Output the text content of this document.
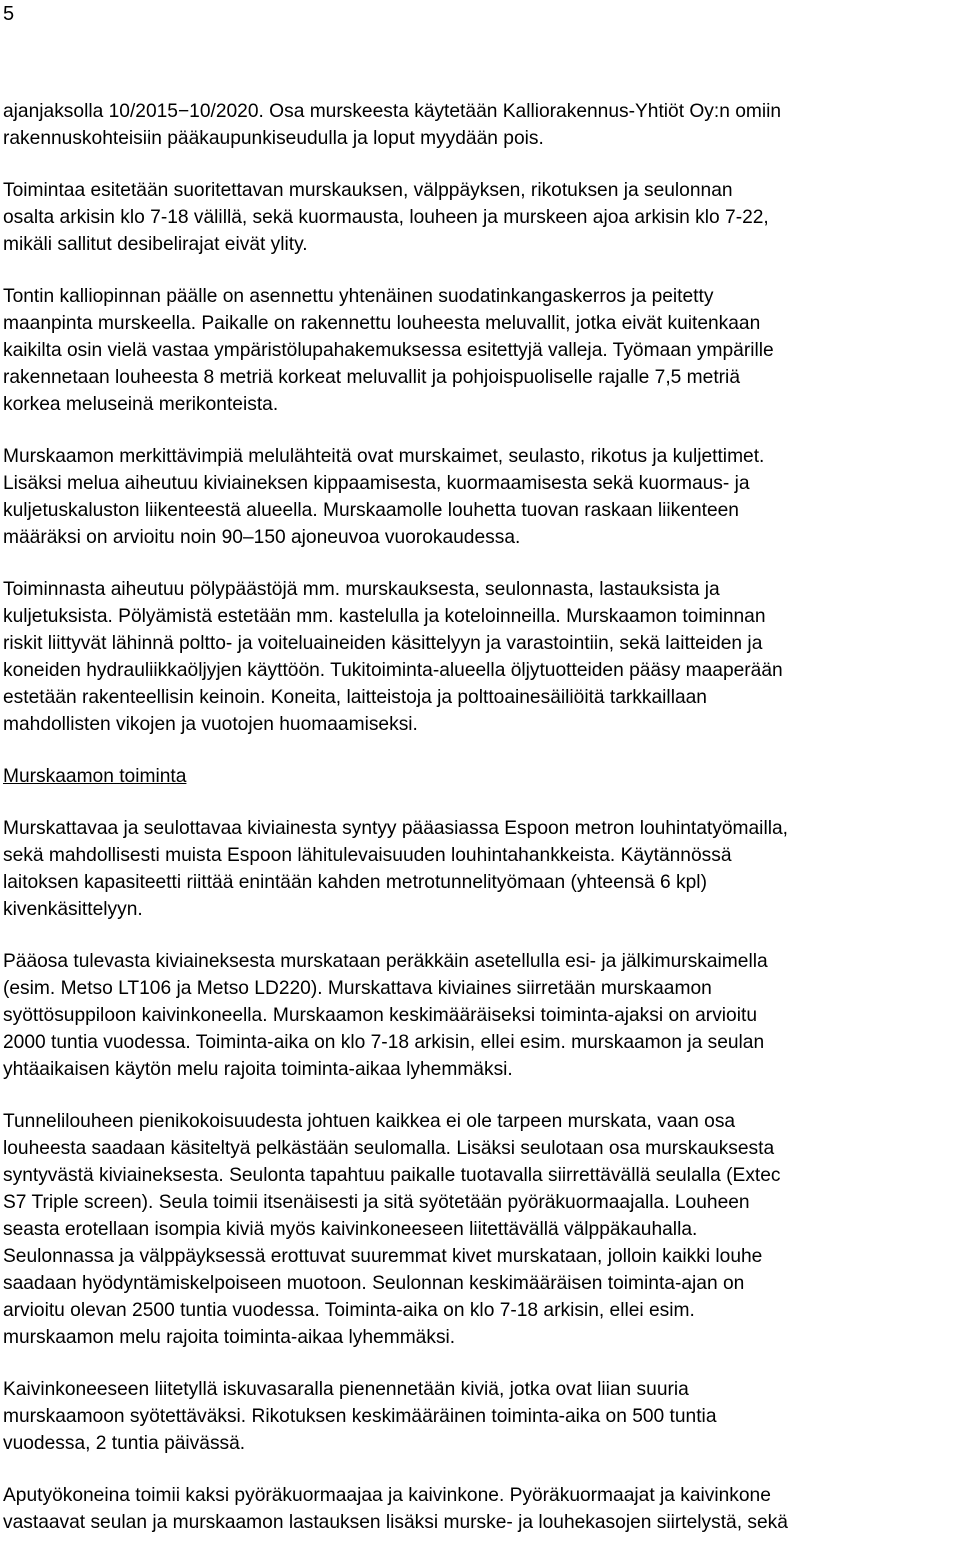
5

ajanjaksolla 10/2015−10/2020. Osa murskeesta käytetään Kalliorakennus-Yhtiöt Oy:n omiin
rakennuskohteisiin pääkaupunkiseudulla ja loput myydään pois.

Toimintaa esitetään suoritettavan murskauksen, välppäyksen, rikotuksen ja seulonnan
osalta arkisin klo 7-18 välillä, sekä kuormausta, louheen ja murskeen ajoa arkisin klo 7-22,
mikäli sallitut desibelirajat eivät ylity.

Tontin kalliopinnan päälle on asennettu yhtenäinen suodatinkangaskerros ja peitetty
maanpinta murskeella. Paikalle on rakennettu louheesta meluvallit, jotka eivät kuitenkaan
kaikilta osin vielä vastaa ympäristölupahakemuksessa esitettyjä valleja. Työmaan ympärille
rakennetaan louheesta 8 metriä korkeat meluvallit ja pohjoispuoliselle rajalle 7,5 metriä
korkea meluseinä merikonteista.

Murskaamon merkittävimpiä melulähteitä ovat murskaimet, seulasto, rikotus ja kuljettimet.
Lisäksi melua aiheutuu kiviaineksen kippaamisesta, kuormaamisesta sekä kuormaus- ja
kuljetuskaluston liikenteestä alueella. Murskaamolle louhetta tuovan raskaan liikenteen
määräksi on arvioitu noin 90–150 ajoneuvoa vuorokaudessa.

Toiminnasta aiheutuu pölypäästöjä mm. murskauksesta, seulonnasta, lastauksista ja
kuljetuksista. Pölyämistä estetään mm. kastelulla ja koteloinneilla. Murskaamon toiminnan
riskit liittyvät lähinnä poltto- ja voiteluaineiden käsittelyyn ja varastointiin, sekä laitteiden ja
koneiden hydrauliikkaöljyjen käyttöön. Tukitoiminta-alueella öljytuotteiden pääsy maaperään
estetään rakenteellisin keinoin. Koneita, laitteistoja ja polttoainesäiliöitä tarkkaillaan
mahdollisten vikojen ja vuotojen huomaamiseksi.

Murskaamon toiminta

Murskattavaa ja seulottavaa kiviainesta syntyy pääasiassa Espoon metron louhintatyömailla,
sekä mahdollisesti muista Espoon lähitulevaisuuden louhintahankkeista. Käytännössä
laitoksen kapasiteetti riittää enintään kahden metrotunnelityömaan (yhteensä 6 kpl)
kivenkäsittelyyn.

Pääosa tulevasta kiviaineksesta murskataan peräkkäin asetellulla esi- ja jälkimurskaimella
(esim. Metso LT106 ja Metso LD220). Murskattava kiviaines siirretään murskaamon
syöttösuppiloon kaivinkoneella. Murskaamon keskimääräiseksi toiminta-ajaksi on arvioitu
2000 tuntia vuodessa. Toiminta-aika on klo 7-18 arkisin, ellei esim. murskaamon ja seulan
yhtäaikaisen käytön melu rajoita toiminta-aikaa lyhemmäksi.

Tunnelilouheen pienikokoisuudesta johtuen kaikkea ei ole tarpeen murskata, vaan osa
louheesta saadaan käsiteltyä pelkästään seulomalla. Lisäksi seulotaan osa murskauksesta
syntyvästä kiviaineksesta. Seulonta tapahtuu paikalle tuotavalla siirrettävällä seulalla (Extec
S7 Triple screen). Seula toimii itsenäisesti ja sitä syötetään pyöräkuormaajalla. Louheen
seasta erotellaan isompia kiviä myös kaivinkoneeseen liitettävällä välppäkauhalla.
Seulonnassa ja välppäyksessä erottuvat suuremmat kivet murskataan, jolloin kaikki louhe
saadaan hyödyntämiskelpoiseen muotoon. Seulonnan keskimääräisen toiminta-ajan on
arvioitu olevan 2500 tuntia vuodessa. Toiminta-aika on klo 7-18 arkisin, ellei esim.
murskaamon melu rajoita toiminta-aikaa lyhemmäksi.

Kaivinkoneeseen liitetyllä iskuvasaralla pienennetään kiviä, jotka ovat liian suuria
murskaamoon syötettäväksi. Rikotuksen keskimääräinen toiminta-aika on 500 tuntia
vuodessa, 2 tuntia päivässä.

Aputyökoneina toimii kaksi pyöräkuormaajaa ja kaivinkone. Pyöräkuormaajat ja kaivinkone
vastaavat seulan ja murskaamon lastauksen lisäksi murske- ja louhekasojen siirtelystä, sekä
